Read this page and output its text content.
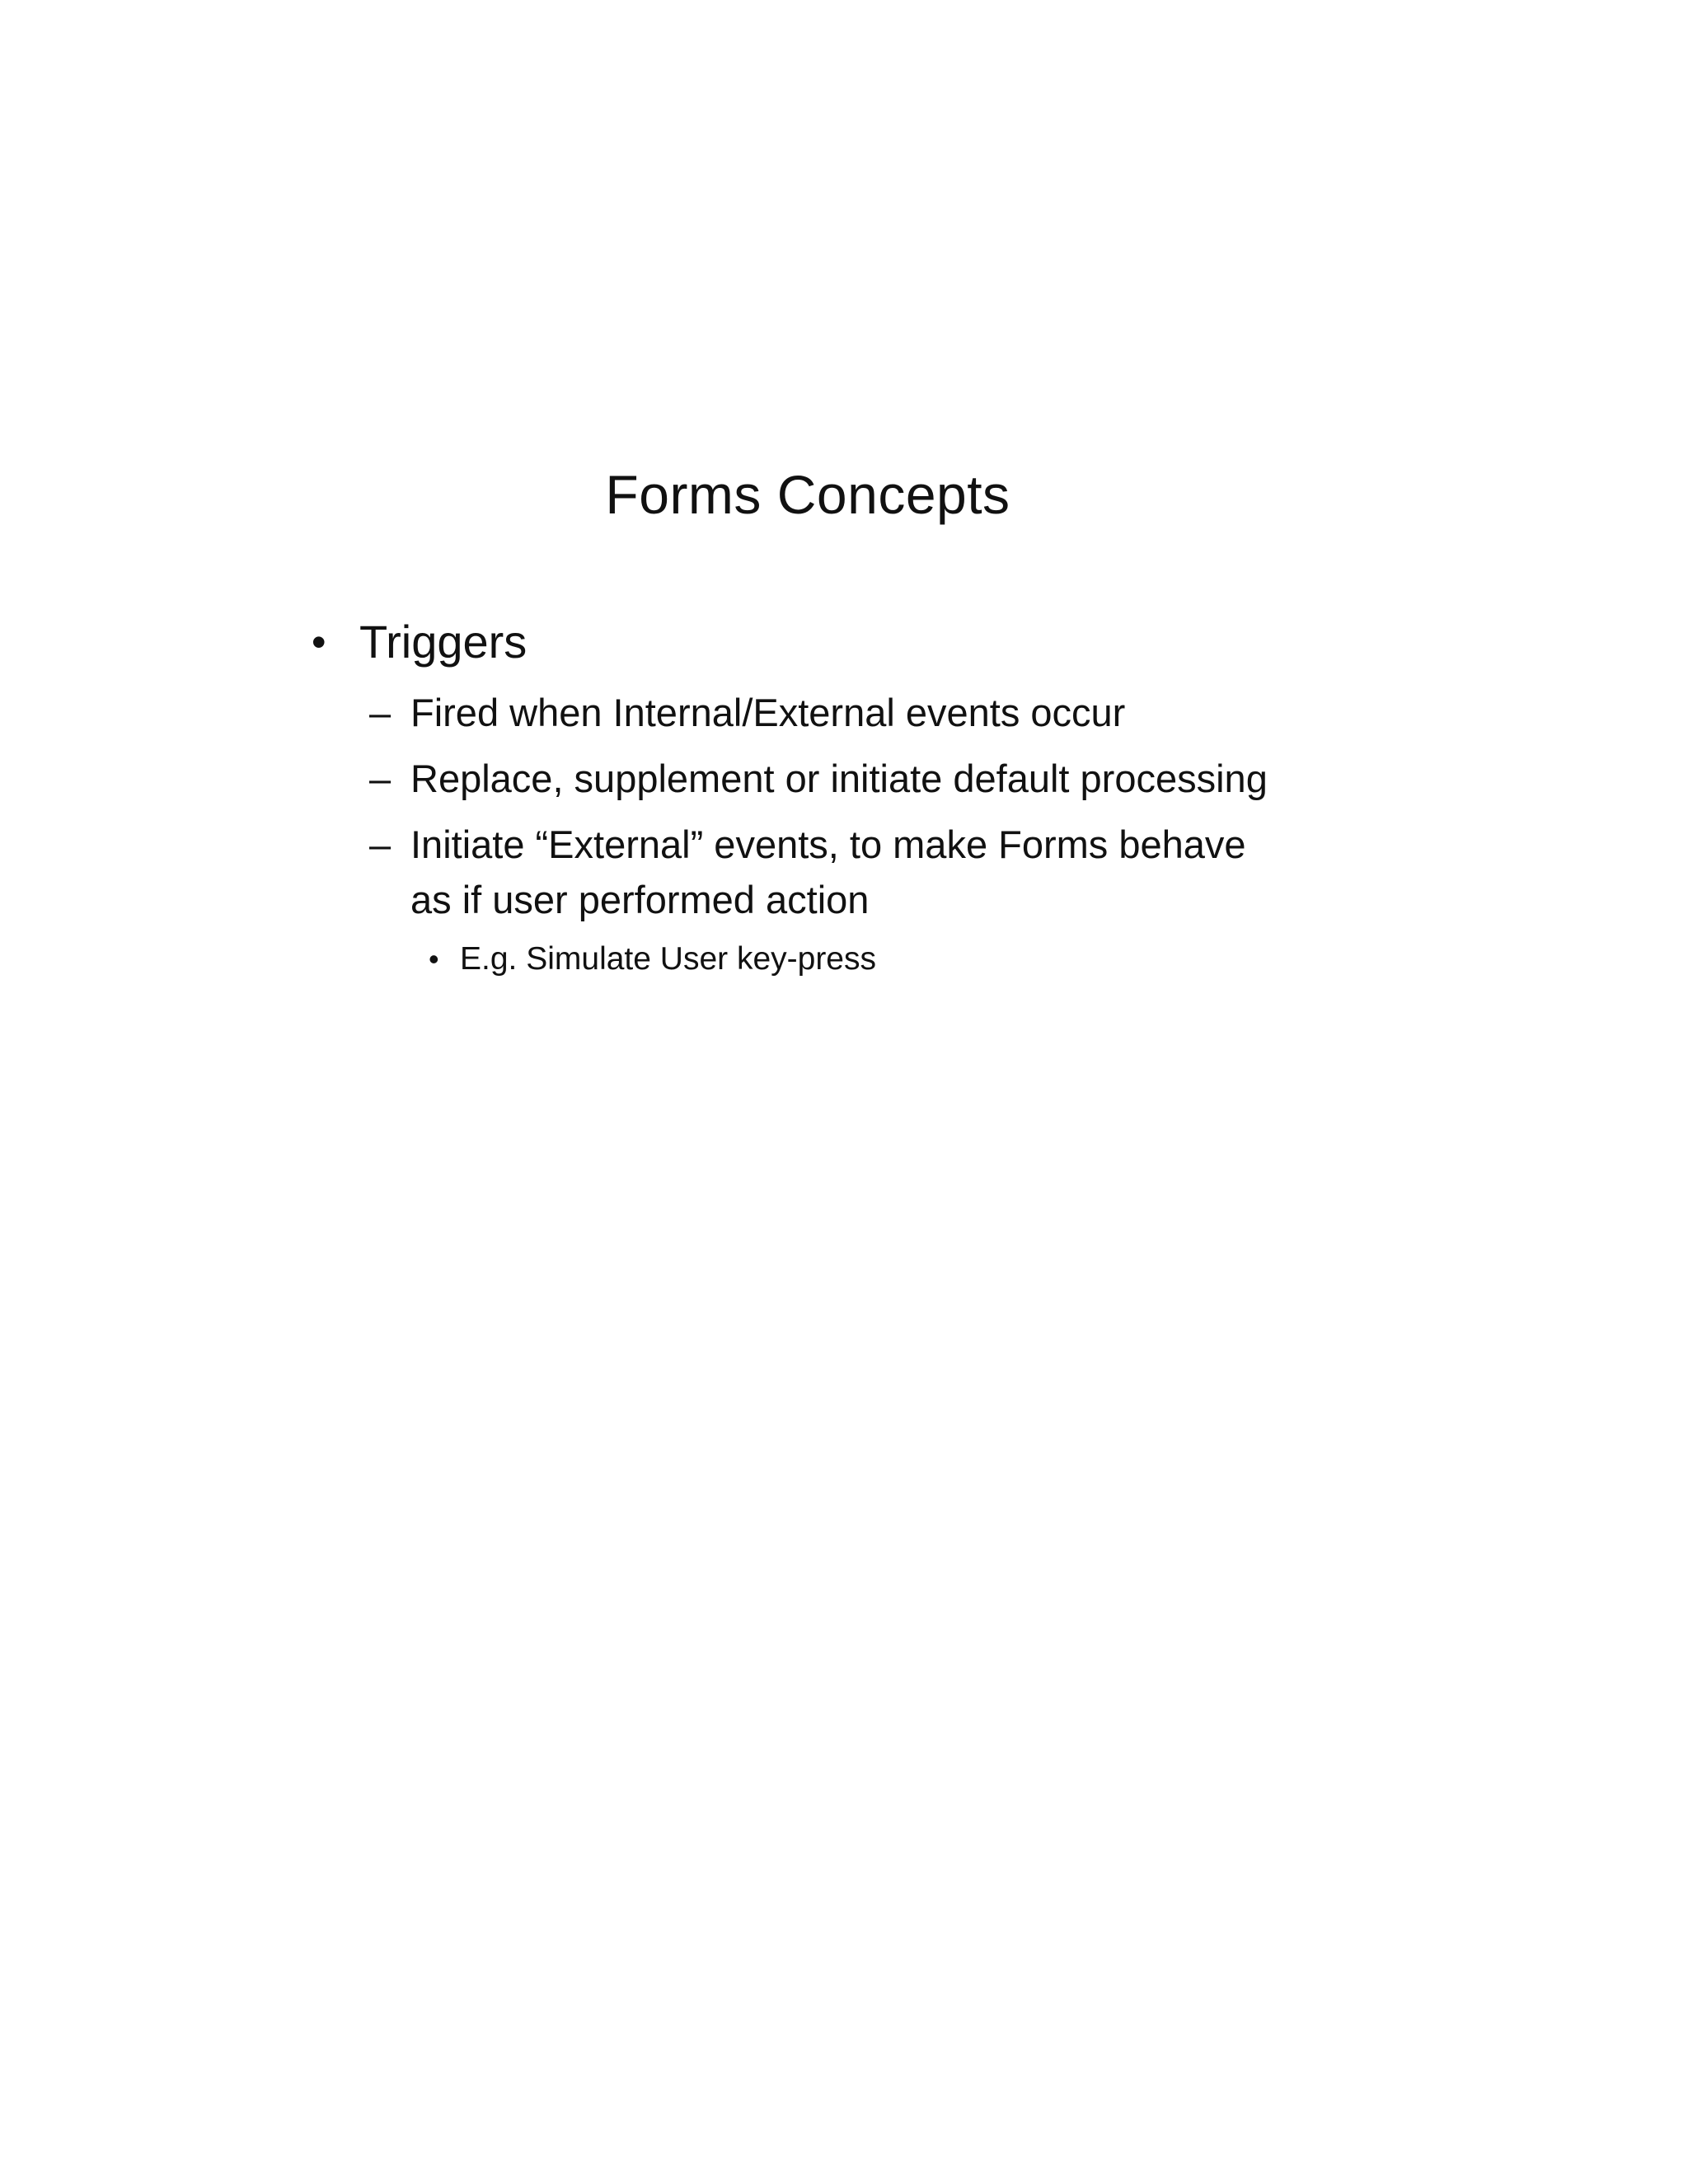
Forms Concepts
• Triggers
– Fired when Internal/External events occur
– Replace, supplement or initiate default processing
– Initiate “External” events, to make Forms behave
as if user performed action
• E.g. Simulate User key-press
